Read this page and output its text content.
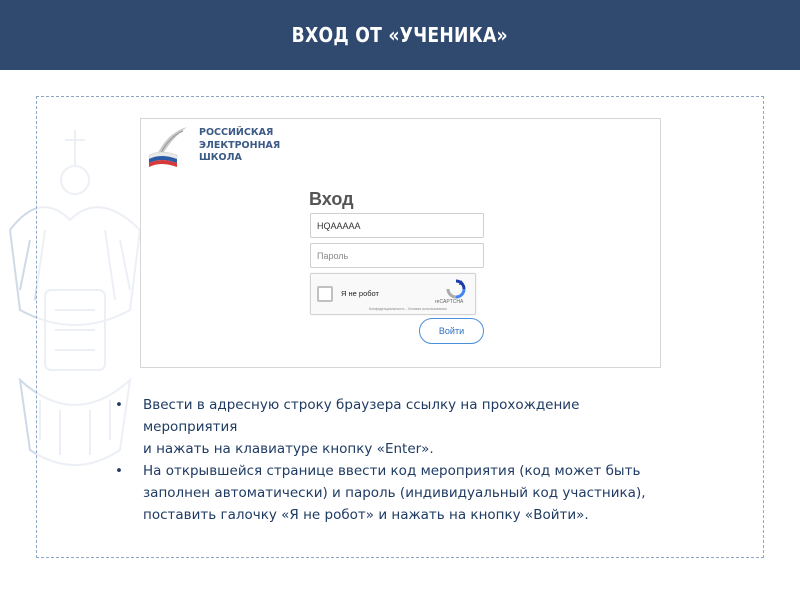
ВХОД ОТ «УЧЕНИКА»
РОССИЙСКАЯ
ЭЛЕКТРОННАЯ
ШКОЛА
Вход
HQAAAAA
Я не робот
reCAPTCHA
Конфиденциальность - Условия использования
Войти
• Ввести в адресную строку браузера ссылку на прохождение
мероприятия
и нажать на клавиатуре кнопку «Enter».
• На открывшейся странице ввести код мероприятия (код может быть
заполнен автоматически) и пароль (индивидуальный код участника),
поставить галочку «Я не робот» и нажать на кнопку «Войти».
